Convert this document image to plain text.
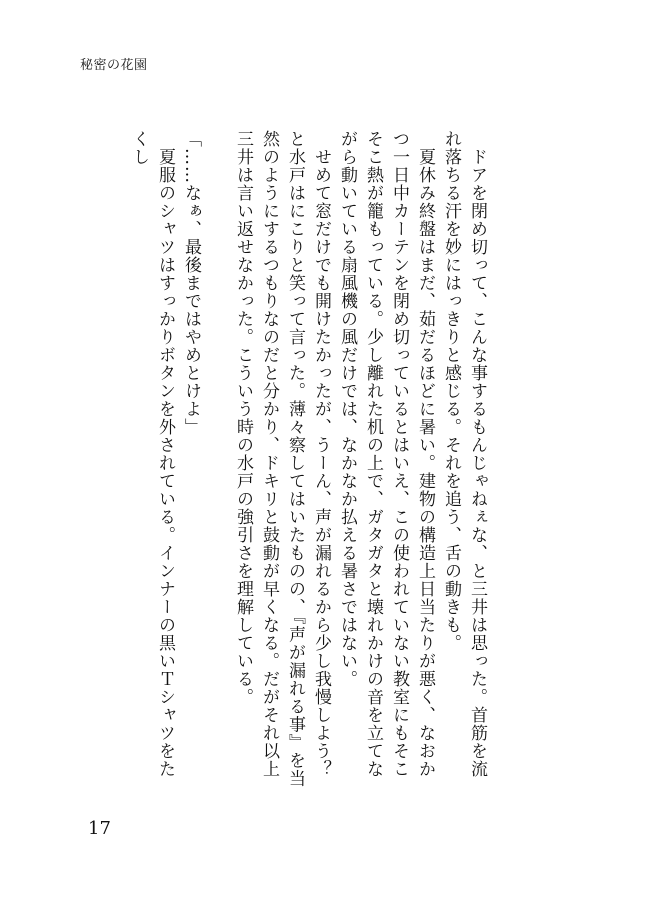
秘密の花園

　ドアを閉め切って、こんな事するもんじゃねぇな、と三井は思った。首筋を流れ落ちる汗を妙にはっきりと感じる。それを追う、舌の動きも。

　夏休み終盤はまだ、茹だるほどに暑い。建物の構造上日当たりが悪く、なおかつ一日中カーテンを閉め切っているとはいえ、この使われていない教室にもそこそこ熱が籠もっている。少し離れた机の上で、ガタガタと壊れかけの音を立てながら動いている扇風機の風だけでは、なかなか払える暑さではない。

　せめて窓だけでも開けたかったが、うーん、声が漏れるから少し我慢しよう？と水戸はにこりと笑って言った。薄々察してはいたものの、『声が漏れる事』を当然のようにするつもりなのだと分かり、ドキリと鼓動が早くなる。だがそれ以上三井は言い返せなかった。こういう時の水戸の強引さを理解している。

「……なぁ、最後まではやめとけよ」

　夏服のシャツはすっかりボタンを外されている。インナーの黒いＴシャツをたくし

17
